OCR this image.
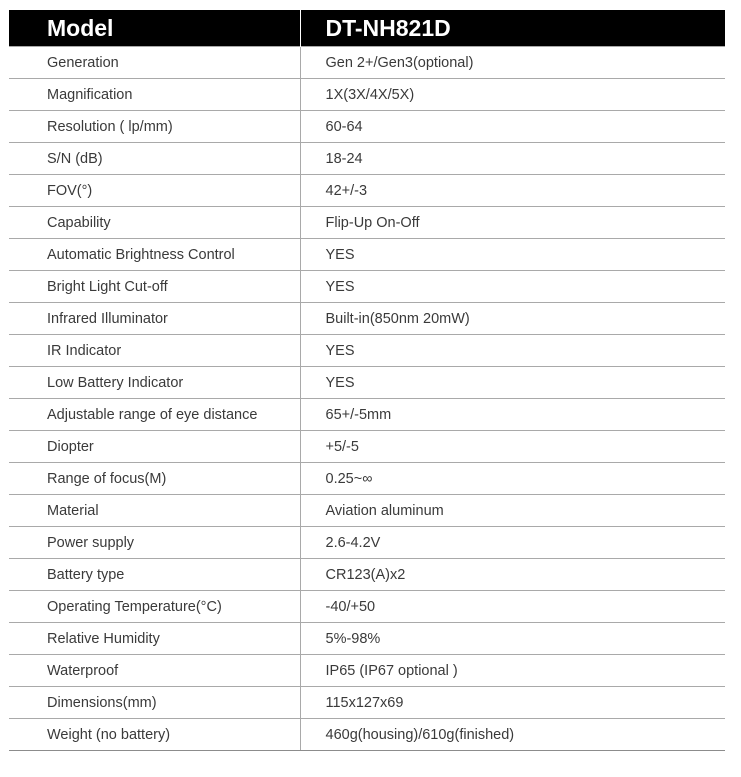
Model	DT-NH821D
Generation	Gen 2+/Gen3(optional)
Magnification	1X(3X/4X/5X)
Resolution ( lp/mm)	60-64
S/N (dB)	18-24
FOV(°)	42+/-3
Capability	Flip-Up On-Off
Automatic Brightness Control	YES
Bright Light Cut-off	YES
Infrared Illuminator	Built-in(850nm 20mW)
IR Indicator	YES
Low Battery Indicator	YES
Adjustable range of eye distance	65+/-5mm
Diopter	+5/-5
Range of focus(M)	0.25~∞
Material	Aviation aluminum
Power supply	2.6-4.2V
Battery type	CR123(A)x2
Operating Temperature(°C)	-40/+50
Relative Humidity	5%-98%
Waterproof	IP65 (IP67 optional )
Dimensions(mm)	115x127x69
Weight (no battery)	460g(housing)/610g(finished)
